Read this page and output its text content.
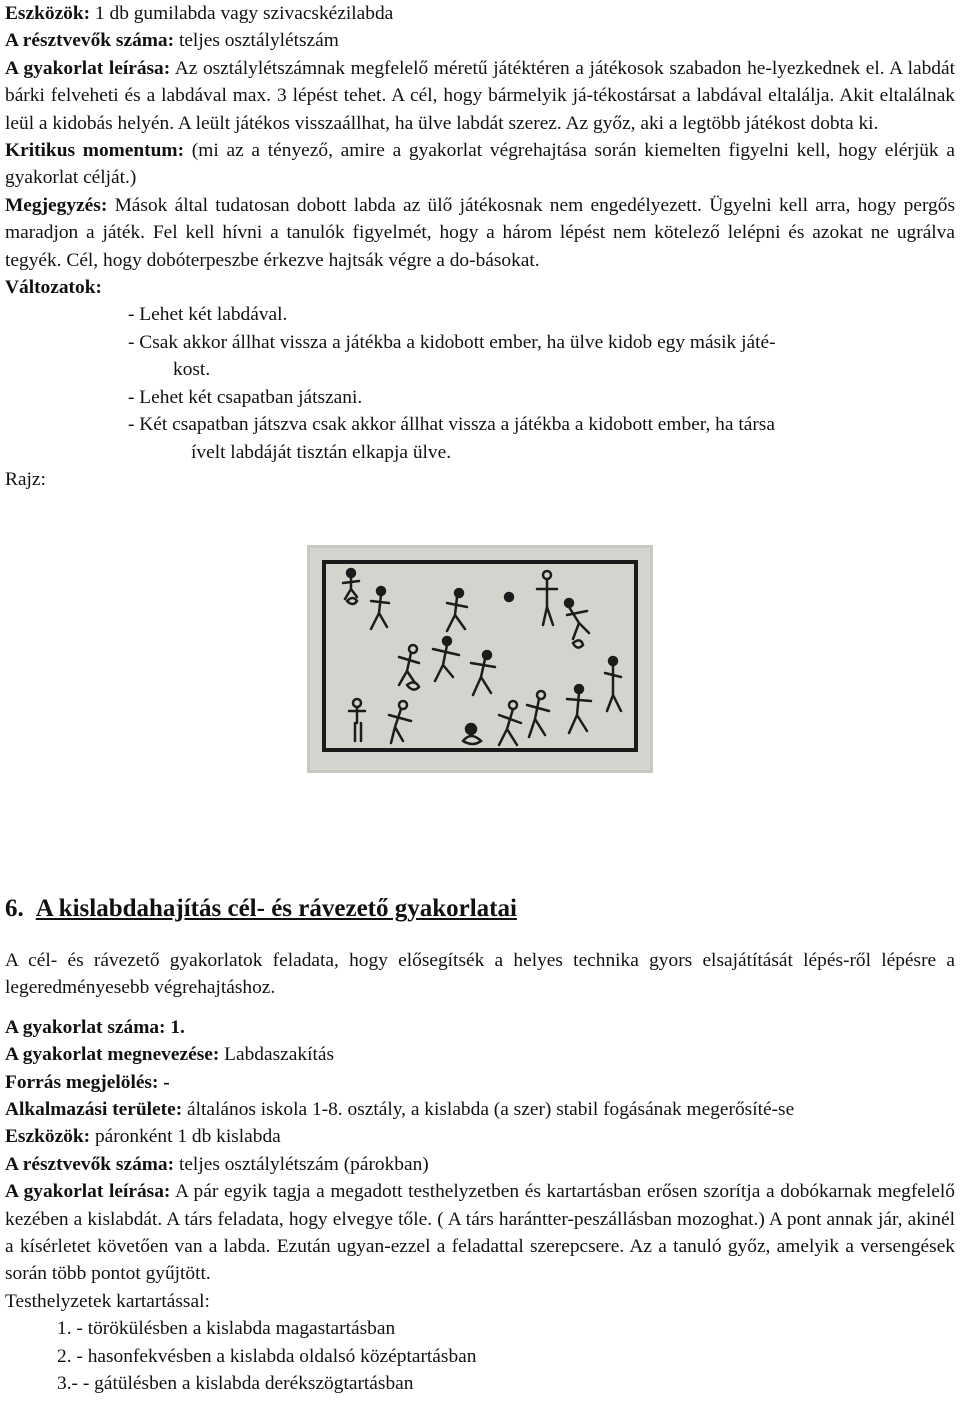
Eszközök: 1 db gumilabda vagy szivacskézilabda

A résztvevők száma: teljes osztálylétszám

A gyakorlat leírása: Az osztálylétszámnak megfelelő méretű játéktéren a játékosok szabadon he-lyezkednek el. A labdát bárki felveheti és a labdával max. 3 lépést tehet. A cél, hogy bármelyik já-tékostársat a labdával eltalálja. Akit eltalálnak leül a kidobás helyén. A leült játékos visszaállhat, ha ülve labdát szerez. Az győz, aki a legtöbb játékost dobta ki.

Kritikus momentum: (mi az a tényező, amire a gyakorlat végrehajtása során kiemelten figyelni kell, hogy elérjük a gyakorlat célját.)

Megjegyzés: Mások által tudatosan dobott labda az ülő játékosnak nem engedélyezett. Ügyelni kell arra, hogy pergős maradjon a játék. Fel kell hívni a tanulók figyelmét, hogy a három lépést nem kötelező lelépni és azokat ne ugrálva tegyék. Cél, hogy dobóterpeszbe érkezve hajtsák végre a do-básokat.

Változatok:

- Lehet két labdával.

- Csak akkor állhat vissza a játékba a kidobott ember, ha ülve kidob egy másik játé-
kost.

- Lehet két csapatban játszani.

- Két csapatban játszva csak akkor állhat vissza a játékba a kidobott ember, ha társa
ívelt labdáját tisztán elkapja ülve.

Rajz:

6. A kislabdahajítás cél- és rávezető gyakorlatai

A cél- és rávezető gyakorlatok feladata, hogy elősegítsék a helyes technika gyors elsajátítását lépés-ről lépésre a legeredményesebb végrehajtáshoz.

A gyakorlat száma: 1.

A gyakorlat megnevezése: Labdaszakítás

Forrás megjelölés: -

Alkalmazási területe: általános iskola 1-8. osztály, a kislabda (a szer) stabil fogásának megerősíté-se

Eszközök: páronként 1 db kislabda

A résztvevők száma: teljes osztálylétszám (párokban)

A gyakorlat leírása: A pár egyik tagja a megadott testhelyzetben és kartartásban erősen szorítja a dobókarnak megfelelő kezében a kislabdát. A társ feladata, hogy elvegye tőle. ( A társ harántter-peszállásban mozoghat.) A pont annak jár, akinél a kísérletet követően van a labda. Ezután ugyan-ezzel a feladattal szerepcsere. Az a tanuló győz, amelyik a versengések során több pontot gyűjtött.

Testhelyzetek kartartással:

1. - törökülésben a kislabda magastartásban
2. - hasonfekvésben a kislabda oldalsó középtartásban
3.- - gátülésben a kislabda derékszögtartásban
